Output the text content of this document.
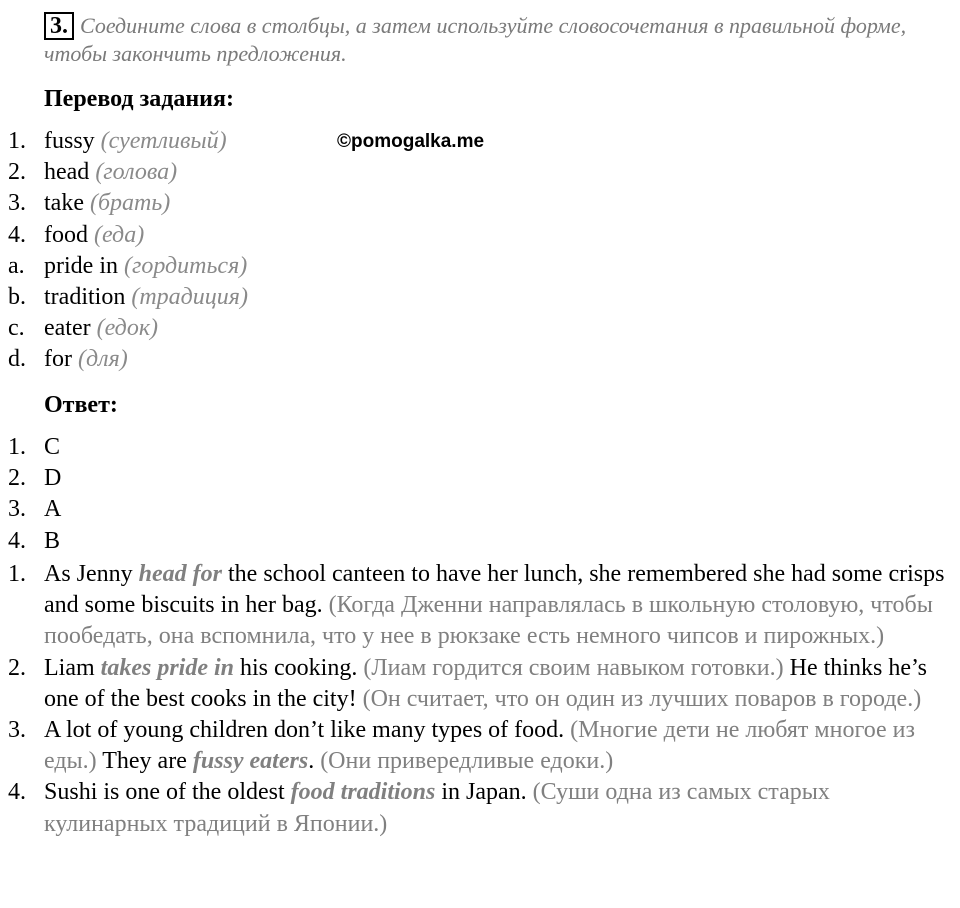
3. Соедините слова в столбцы, а затем используйте словосочетания в правильной форме, чтобы закончить предложения.
Перевод задания:
©pomogalka.me
1. fussy (суетливый)
2. head (голова)
3. take (брать)
4. food (еда)
a. pride in (гордиться)
b. tradition (традиция)
c. eater (едок)
d. for (для)
Ответ:
1. C
2. D
3. A
4. B
1. As Jenny head for the school canteen to have her lunch, she remembered she had some crisps and some biscuits in her bag. (Когда Дженни направлялась в школьную столовую, чтобы пообедать, она вспомнила, что у нее в рюкзаке есть немного чипсов и пирожных.)
2. Liam takes pride in his cooking. (Лиам гордится своим навыком готовки.) He thinks he’s one of the best cooks in the city! (Он считает, что он один из лучших поваров в городе.)
3. A lot of young children don’t like many types of food. (Многие дети не любят многое из еды.) They are fussy eaters. (Они привередливые едоки.)
4. Sushi is one of the oldest food traditions in Japan. (Суши одна из самых старых кулинарных традиций в Японии.)
